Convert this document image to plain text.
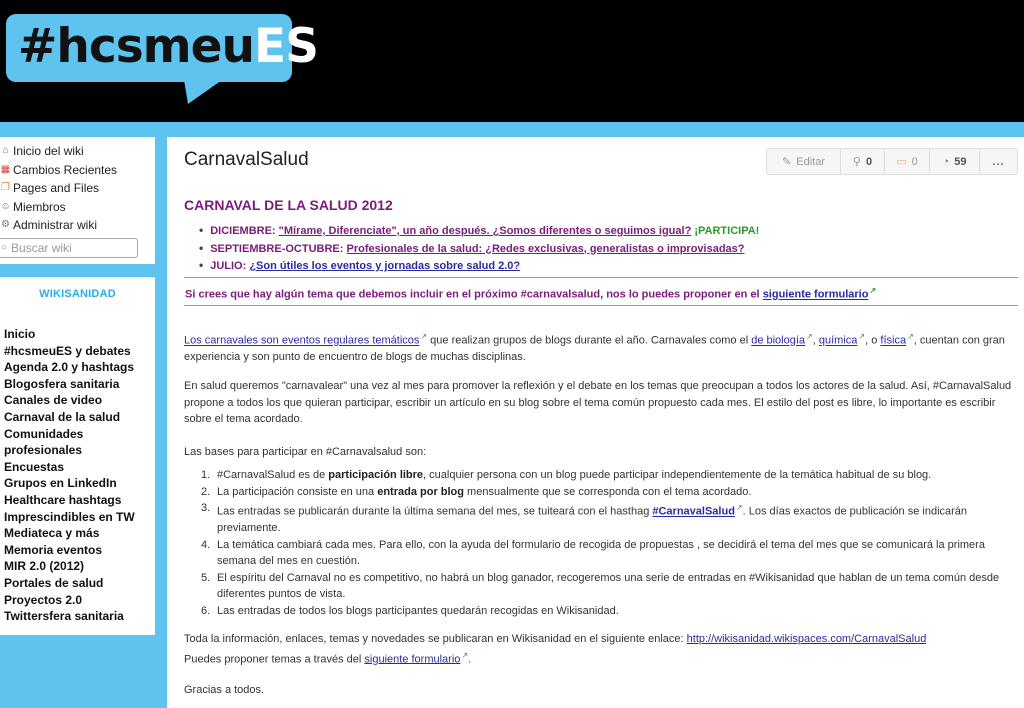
#hcsmeuES
⌂ Inicio del wiki
▦ Cambios Recientes
❐ Pages and Files
☺ Miembros
⚙ Administrar wiki
○ Buscar wiki
WIKISANIDAD
Inicio
#hcsmeuES y debates
Agenda 2.0 y hashtags
Blogosfera sanitaria
Canales de video
Carnaval de la salud
Comunidades
profesionales
Encuestas
Grupos en LinkedIn
Healthcare hashtags
Imprescindibles en TW
Mediateca y más
Memoria eventos
MIR 2.0 (2012)
Portales de salud
Proyectos 2.0
Twittersfera sanitaria
CarnavalSalud	✎ Editar	⚲ 0 ▭ 0 ◔ 59 ...
CARNAVAL DE LA SALUD 2012
• DICIEMBRE: "Mírame, Diferenciate", un año después. ¿Somos diferentes o seguimos igual? ¡PARTICIPA!
• SEPTIEMBRE-OCTUBRE: Profesionales de la salud: ¿Redes exclusivas, generalistas o improvisadas?
• JULIO: ¿Son útiles los eventos y jornadas sobre salud 2.0?
Si crees que hay algún tema que debemos incluir en el próximo #carnavalsalud, nos lo puedes proponer en el siguiente formulario↗
Los carnavales son eventos regulares temáticos↗ que realizan grupos de blogs durante el año. Carnavales como el de biología↗, química↗, o física↗, cuentan con gran experiencia y son punto de encuentro de blogs de muchas disciplinas.
En salud queremos "carnavalear" una vez al mes para promover la reflexión y el debate en los temas que preocupan a todos los actores de la salud. Así, #CarnavalSalud propone a todos los que quieran participar, escribir un artículo en su blog sobre el tema común propuesto cada mes. El estilo del post es libre, lo importante es escribir sobre el tema acordado.
Las bases para participar en #Carnavalsalud son:
1. #CarnavalSalud es de participación libre, cualquier persona con un blog puede participar independientemente de la temática habitual de su blog.
2. La participación consiste en una entrada por blog mensualmente que se corresponda con el tema acordado.
3. Las entradas se publicarán durante la última semana del mes, se tuiteará con el hasthag #CarnavalSalud↗. Los días exactos de publicación se indicarán previamente.
4. La temática cambiará cada mes. Para ello, con la ayuda del formulario de recogida de propuestas , se decidirá el tema del mes que se comunicará la primera semana del mes en cuestión.
5. El espíritu del Carnaval no es competitivo, no habrá un blog ganador, recogeremos una serie de entradas en #Wikisanidad que hablan de un tema común desde diferentes puntos de vista.
6. Las entradas de todos los blogs participantes quedarán recogidas en Wikisanidad.
Toda la información, enlaces, temas y novedades se publicaran en Wikisanidad en el siguiente enlace: http://wikisanidad.wikispaces.com/CarnavalSalud
Puedes proponer temas a través del siguiente formulario↗.
Gracias a todos.
